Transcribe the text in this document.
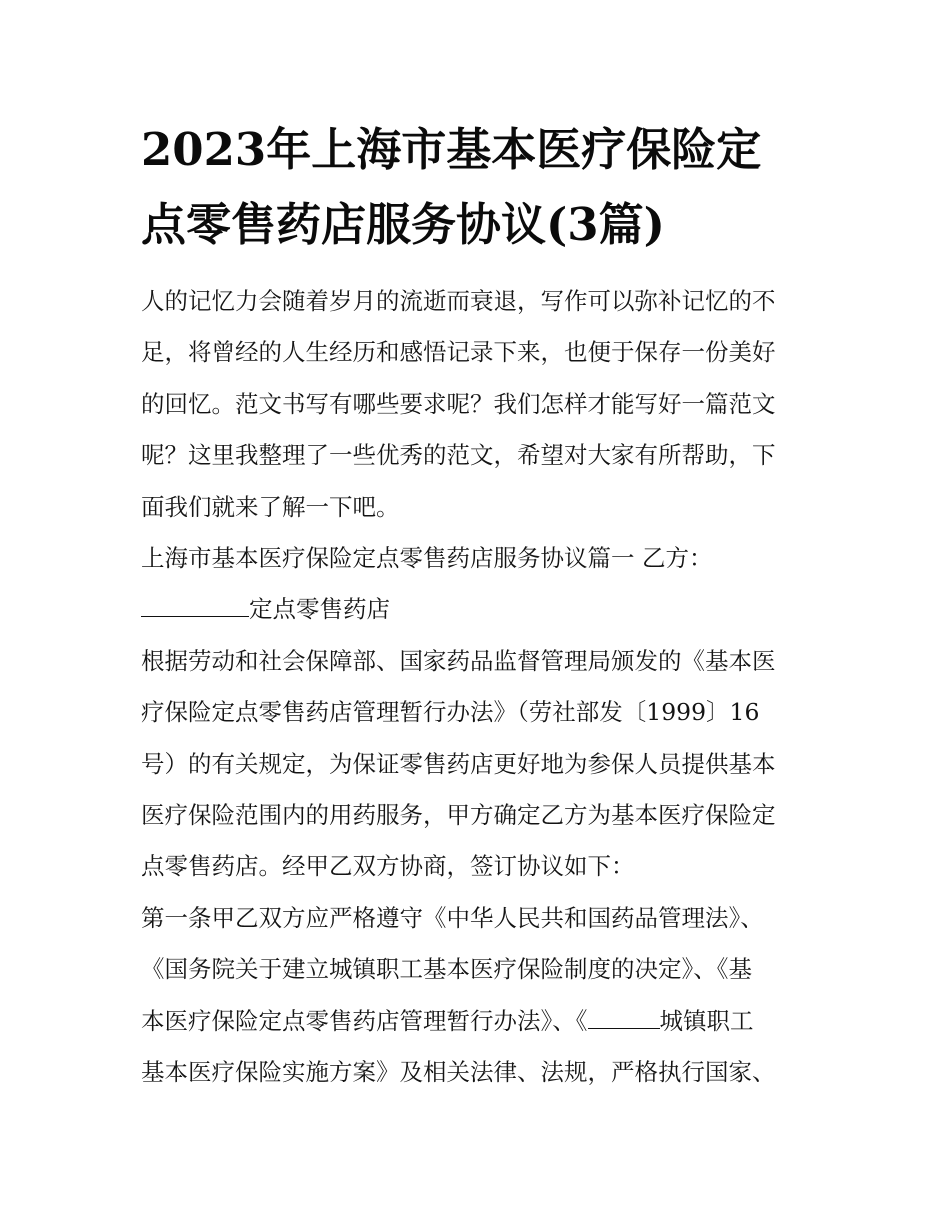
2023年上海市基本医疗保险定
点零售药店服务协议(3篇)

人的记忆力会随着岁月的流逝而衰退，写作可以弥补记忆的不
足，将曾经的人生经历和感悟记录下来，也便于保存一份美好
的回忆。范文书写有哪些要求呢？我们怎样才能写好一篇范文
呢？这里我整理了一些优秀的范文，希望对大家有所帮助，下
面我们就来了解一下吧。

上海市基本医疗保险定点零售药店服务协议篇一 乙方：

定点零售药店

根据劳动和社会保障部、国家药品监督管理局颁发的《基本医
疗保险定点零售药店管理暂行办法》（劳社部发〔1999〕16
号）的有关规定，为保证零售药店更好地为参保人员提供基本
医疗保险范围内的用药服务，甲方确定乙方为基本医疗保险定
点零售药店。经甲乙双方协商，签订协议如下：

第一条甲乙双方应严格遵守《中华人民共和国药品管理法》、
《国务院关于建立城镇职工基本医疗保险制度的决定》、《基
本医疗保险定点零售药店管理暂行办法》、《	城镇职工
基本医疗保险实施方案》及相关法律、法规，严格执行国家、
